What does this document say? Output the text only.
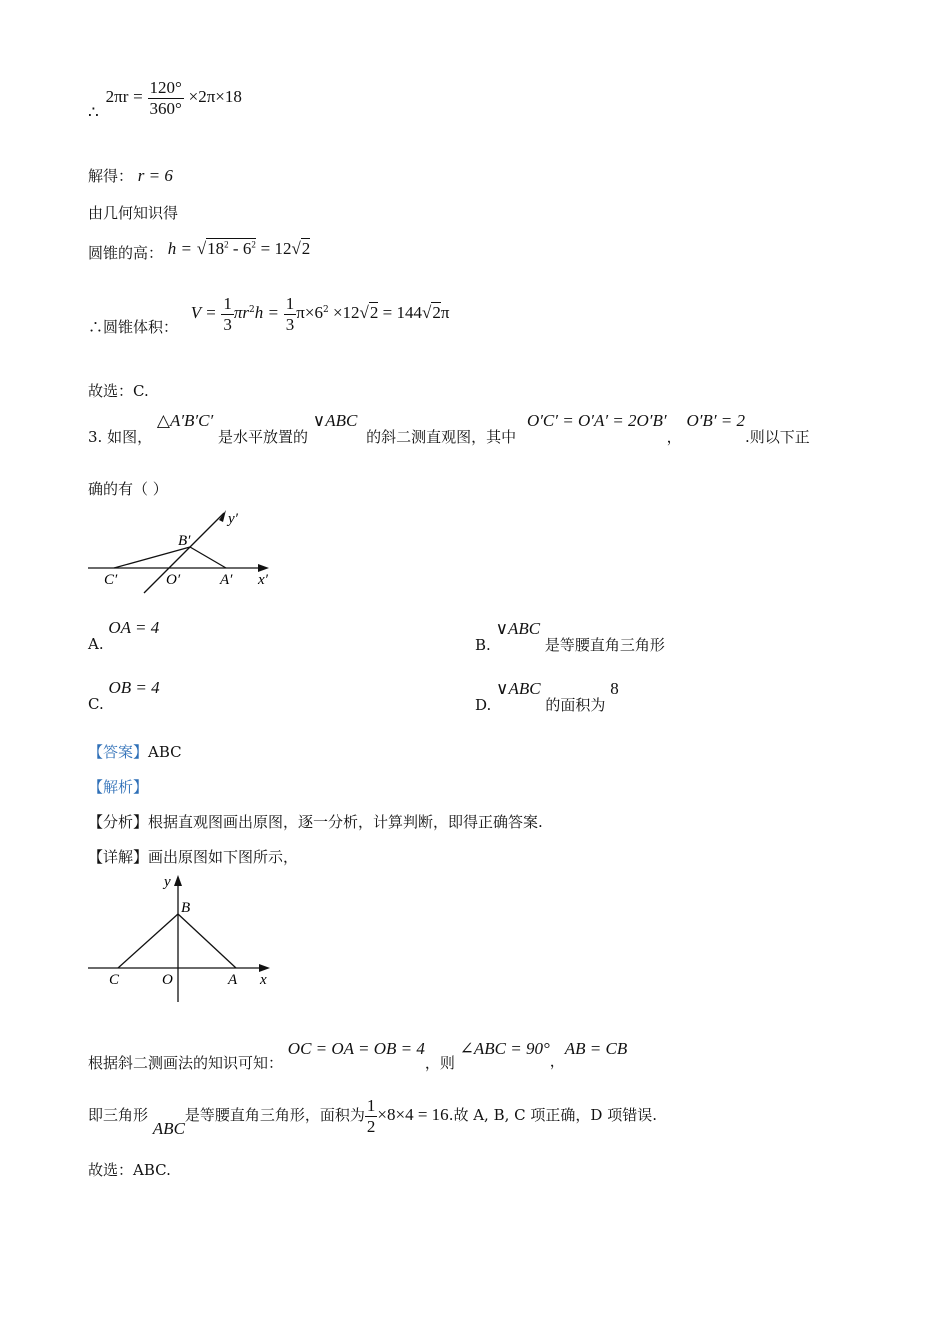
∴ $2\pi r = \frac{120^\circ}{360^\circ} \times 2\pi\times 18$
解得： r = 6
由几何知识得
圆锥的高： $h = √18^2 - 6^2 = 12√2$
∴圆锥体积： $V = \frac{1}{3} \pi r^2h = \frac{1}{3} \pi\times 6^2 \times 12√2 = 144√2\pi$
故选：C.
3. 如图， △A′B′C′ 是水平放置的 ∨ABC 的斜二测直观图，其中 O′C′ = O′A′ = 2O′B′， O′B′ = 2.则以下正
确的有（ ）
y′
B′
C′	O′	A′ x′
A. OA = 4
B. ∨ABC 是等腰直角三角形
C. OB = 4
D. ∨ABC 的面积为 8
【答案】ABC
【解析】
【分析】根据直观图画出原图，逐一分析，计算判断，即得正确答案.
【详解】画出原图如下图所示，
y
B
C	O	A x
根据斜二测画法的知识可知： OC = OA = OB = 4，则 ∠ABC = 90°，AB = CB
即三角形 ABC是等腰直角三角形，面积为 $\frac{1}{2} \times 8\times 4 = 16$.故 A, B, C 项正确，D 项错误.
故选：ABC.
